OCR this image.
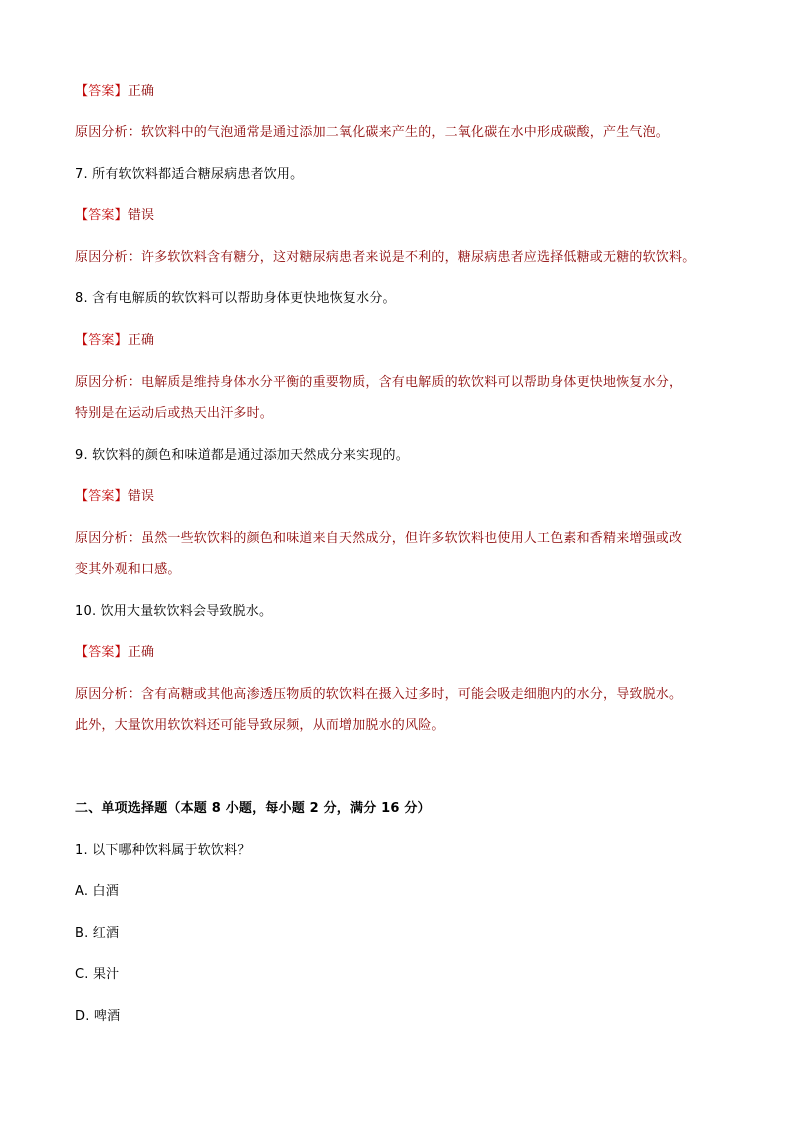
【答案】正确
原因分析：软饮料中的气泡通常是通过添加二氧化碳来产生的，二氧化碳在水中形成碳酸，产生气泡。
7. 所有软饮料都适合糖尿病患者饮用。
【答案】错误
原因分析：许多软饮料含有糖分，这对糖尿病患者来说是不利的，糖尿病患者应选择低糖或无糖的软饮料。
8. 含有电解质的软饮料可以帮助身体更快地恢复水分。
【答案】正确
原因分析：电解质是维持身体水分平衡的重要物质，含有电解质的软饮料可以帮助身体更快地恢复水分，
特别是在运动后或热天出汗多时。
9. 软饮料的颜色和味道都是通过添加天然成分来实现的。
【答案】错误
原因分析：虽然一些软饮料的颜色和味道来自天然成分，但许多软饮料也使用人工色素和香精来增强或改
变其外观和口感。
10. 饮用大量软饮料会导致脱水。
【答案】正确
原因分析：含有高糖或其他高渗透压物质的软饮料在摄入过多时，可能会吸走细胞内的水分，导致脱水。
此外，大量饮用软饮料还可能导致尿频，从而增加脱水的风险。
二、单项选择题（本题 8 小题，每小题 2 分，满分 16 分）
1. 以下哪种饮料属于软饮料？
A. 白酒
B. 红酒
C. 果汁
D. 啤酒
